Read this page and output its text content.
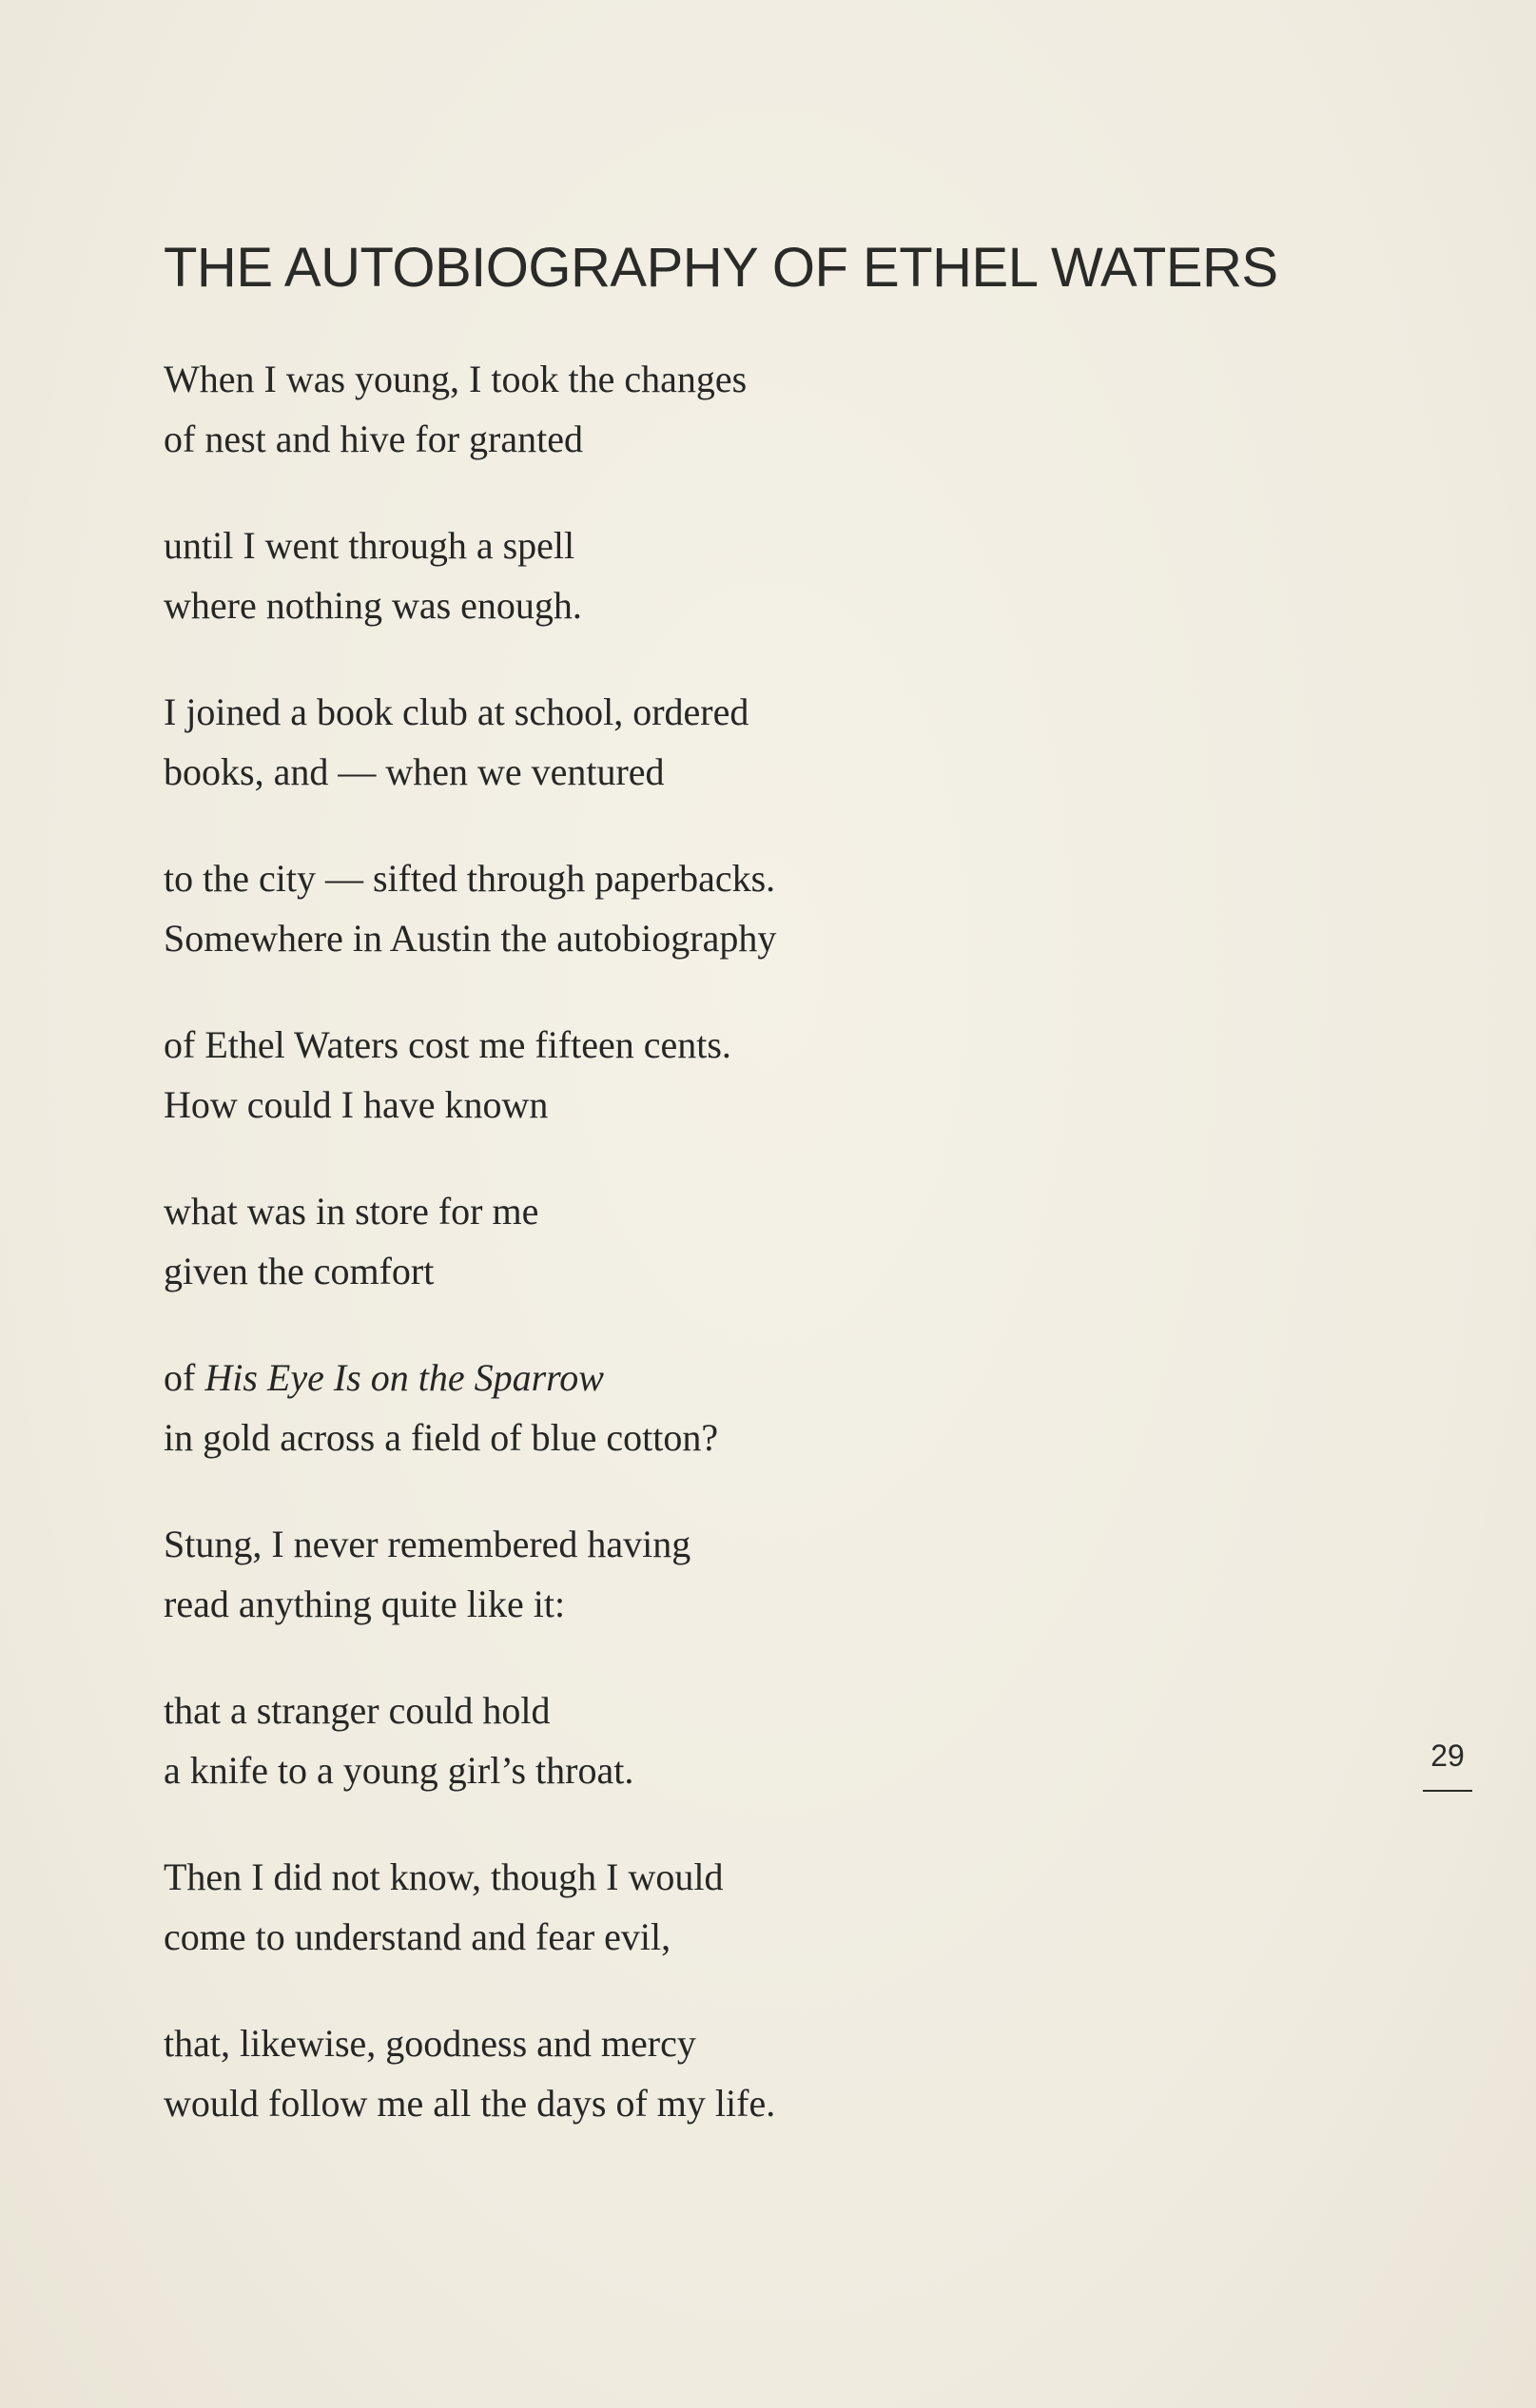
THE AUTOBIOGRAPHY OF ETHEL WATERS
When I was young, I took the changes
of nest and hive for granted
until I went through a spell
where nothing was enough.
I joined a book club at school, ordered
books, and — when we ventured
to the city — sifted through paperbacks.
Somewhere in Austin the autobiography
of Ethel Waters cost me fifteen cents.
How could I have known
what was in store for me
given the comfort
of His Eye Is on the Sparrow
in gold across a field of blue cotton?
Stung, I never remembered having
read anything quite like it:
that a stranger could hold
a knife to a young girl’s throat.
Then I did not know, though I would
come to understand and fear evil,
that, likewise, goodness and mercy
would follow me all the days of my life.
29
